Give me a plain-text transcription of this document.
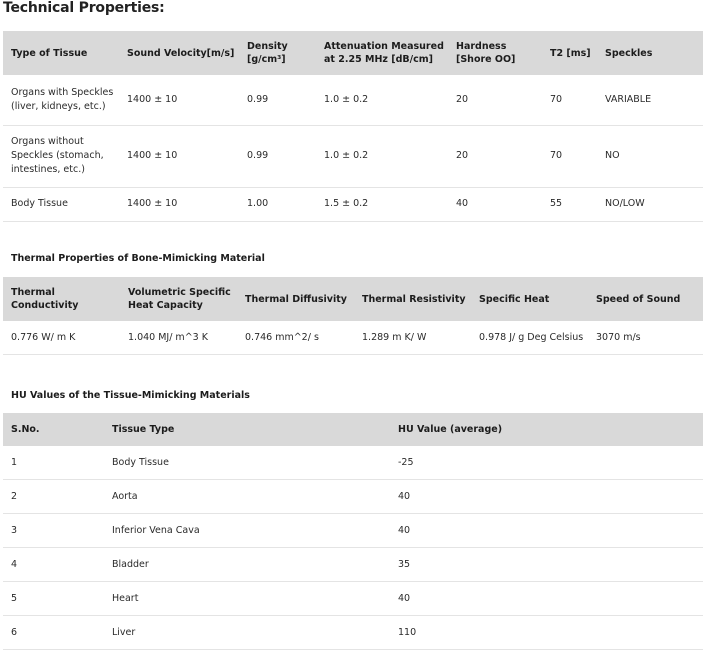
Technical Properties:
Type of Tissue	Sound Velocity[m/s]	Density [g/cm³]	Attenuation Measured at 2.25 MHz [dB/cm]	Hardness [Shore OO]	T2 [ms]	Speckles
Organs with Speckles (liver, kidneys, etc.)	1400 ± 10	0.99	1.0 ± 0.2	20	70	VARIABLE
Organs without Speckles (stomach, intestines, etc.)	1400 ± 10	0.99	1.0 ± 0.2	20	70	NO
Body Tissue	1400 ± 10	1.00	1.5 ± 0.2	40	55	NO/LOW
Thermal Properties of Bone-Mimicking Material
Thermal Conductivity	Volumetric Specific Heat Capacity	Thermal Diffusivity	Thermal Resistivity	Specific Heat	Speed of Sound
0.776 W/ m K	1.040 MJ/ m^3 K	0.746 mm^2/ s	1.289 m K/ W	0.978 J/ g Deg Celsius	3070 m/s
HU Values of the Tissue-Mimicking Materials
S.No.	Tissue Type	HU Value (average)
1	Body Tissue	-25
2	Aorta	40
3	Inferior Vena Cava	40
4	Bladder	35
5	Heart	40
6	Liver	110
